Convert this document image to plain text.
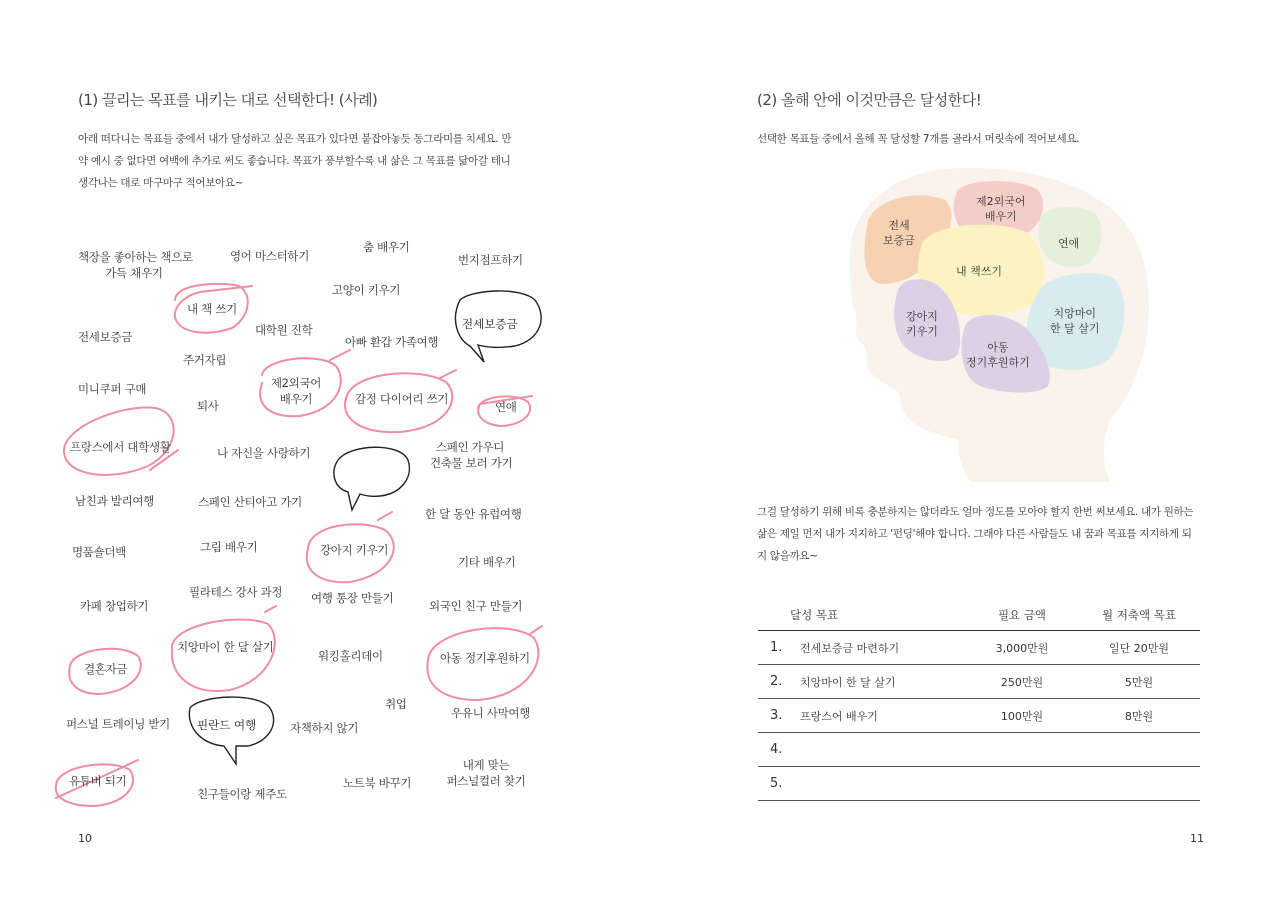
(1) 끌리는 목표를 내키는 대로 선택한다! (사례)

아래 떠다니는 목표들 중에서 내가 달성하고 싶은 목표가 있다면 붙잡아놓듯 동그라미를 치세요. 만

약 예시 중 없다면 여백에 추가로 써도 좋습니다. 목표가 풍부할수록 내 삶은 그 목표를 닮아갈 테니

생각나는 대로 마구마구 적어보아요~

전세보증금
핀란드 여행
책장을 좋아하는 책으로
가득 채우기
영어 마스터하기
춤 배우기
번지점프하기
내 책 쓰기
고양이 키우기
전세보증금	대학원 진학
아빠 환갑 가족여행
주거자립
미니쿠퍼 구매	제2외국어
배우기	감정 다이어리 쓰기
연애
퇴사
프랑스에서 대학생활	나 자신을 사랑하기	스페인 가우디
건축물 보러 가기
남친과 발리여행	스페인 산티아고 가기
한 달 동안 유럽여행
명품숄더백	그림 배우기	강아지 키우기
기타 배우기
필라테스 강사 과정
카페 창업하기
여행 통장 만들기
외국인 친구 만들기
치앙마이 한 달 살기
워킹홀리데이	아동 정기후원하기
결혼자금
취업
퍼스널 트레이닝 받기	자책하지 않기
우유니 사막여행
유튜버 되기
친구들이랑 제주도
노트북 바꾸기
내게 맞는
퍼스널컬러 찾기
10
(2) 올해 안에 이것만큼은 달성한다!

선택한 목표들 중에서 올해 꼭 달성할 7개를 골라서 머릿속에 적어보세요.

전세
보증금
제2외국어
배우기
연애
내 책쓰기
강아지
키우기
치앙마이
한 달 살기
아동
정기후원하기

그걸 달성하기 위해 비록 충분하지는 않더라도 얼마 정도를 모아야 할지 한번 써보세요. 내가 원하는

삶은 제일 먼저 내가 지지하고 '펀딩'해야 합니다. 그래야 다른 사람들도 내 꿈과 목표를 지지하게 되

지 않을까요~

달성 목표		필요 금액	월 저축액 목표
1.	전세보증금 마련하기	3,000만원	일단 20만원
2.	치앙마이 한 달 살기	250만원	5만원
3.	프랑스어 배우기	100만원	8만원
4.			
5.			
11
